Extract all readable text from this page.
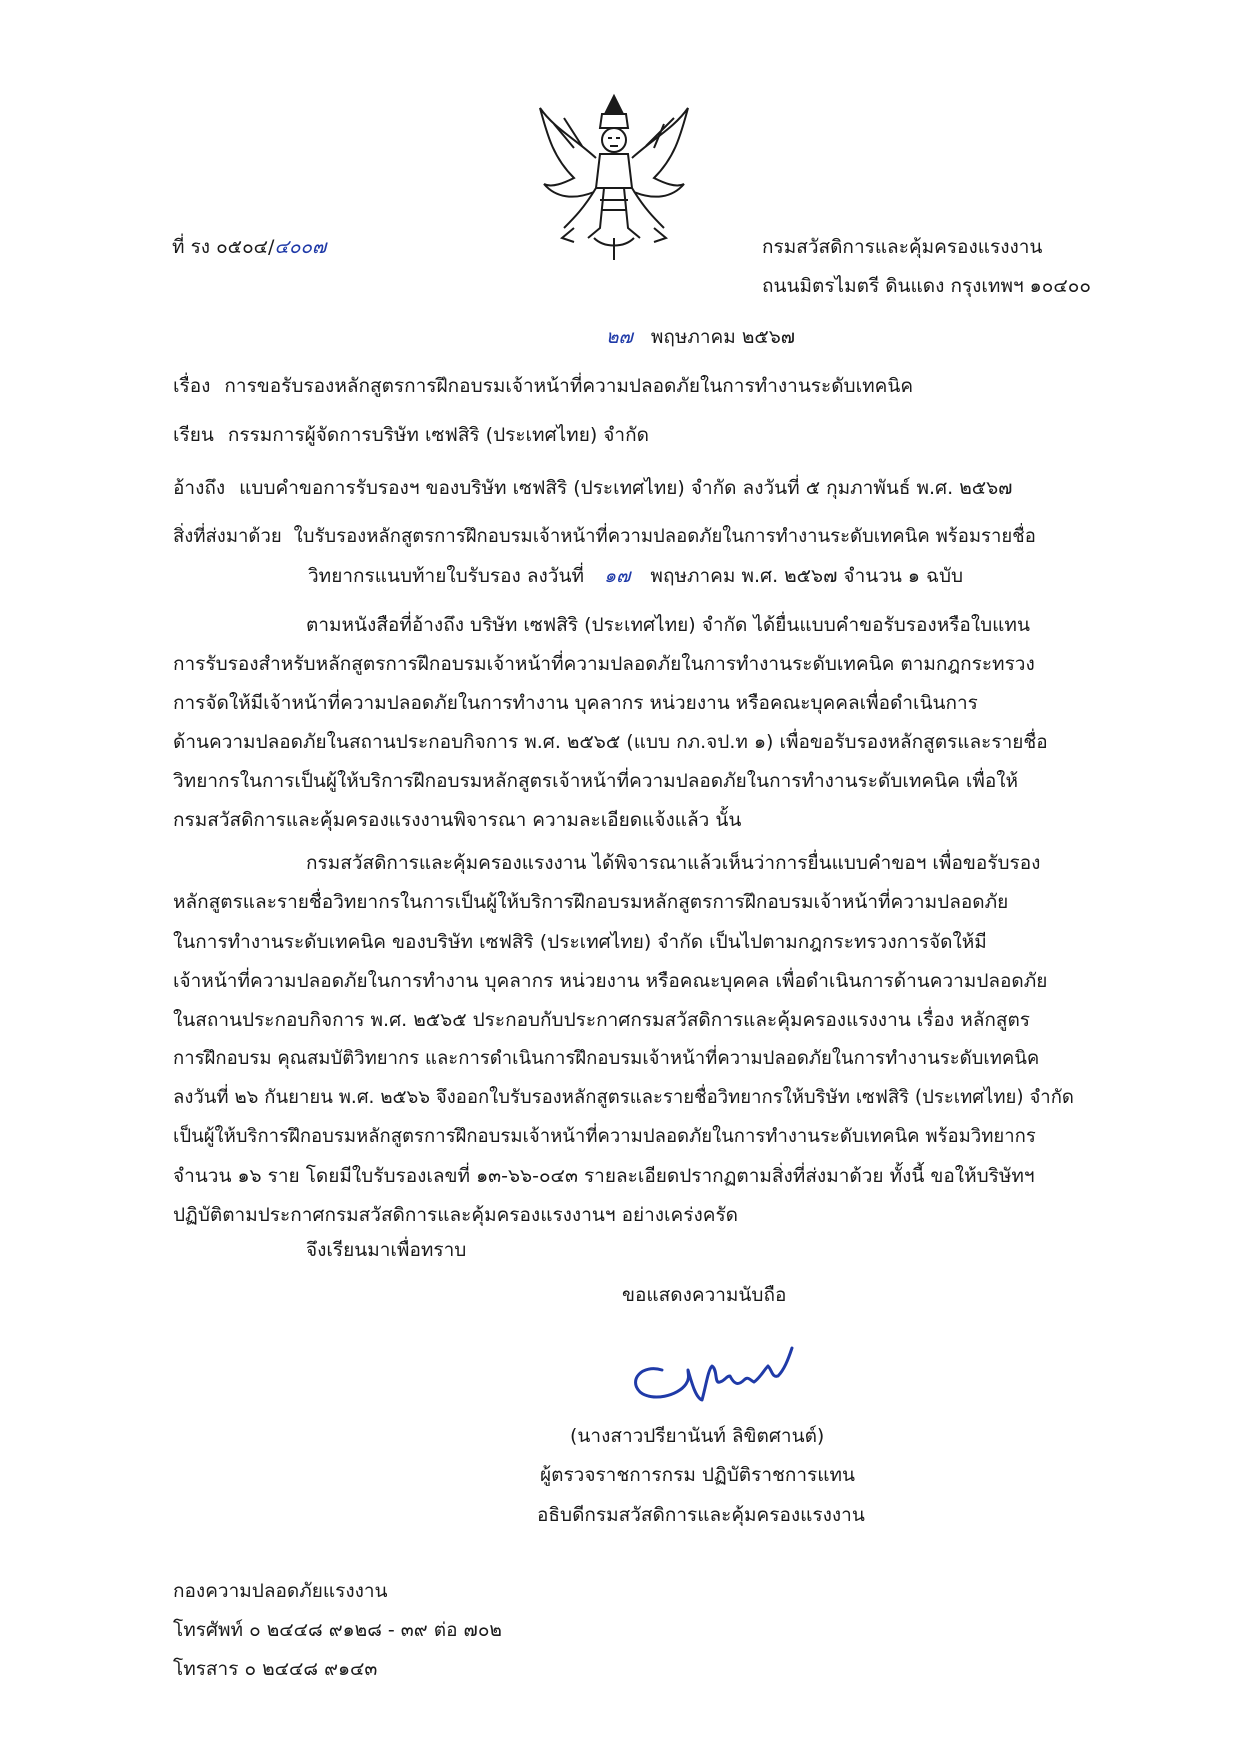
ที่ รง ๐๕๐๔/๔๐๐๗	กรมสวัสดิการและคุ้มครองแรงงาน
ถนนมิตรไมตรี ดินแดง กรุงเทพฯ ๑๐๔๐๐
๒๗ พฤษภาคม ๒๕๖๗
เรื่อง การขอรับรองหลักสูตรการฝึกอบรมเจ้าหน้าที่ความปลอดภัยในการทำงานระดับเทคนิค
เรียน กรรมการผู้จัดการบริษัท เซฟสิริ (ประเทศไทย) จำกัด
อ้างถึง แบบคำขอการรับรองฯ ของบริษัท เซฟสิริ (ประเทศไทย) จำกัด ลงวันที่ ๕ กุมภาพันธ์ พ.ศ. ๒๕๖๗
สิ่งที่ส่งมาด้วย ใบรับรองหลักสูตรการฝึกอบรมเจ้าหน้าที่ความปลอดภัยในการทำงานระดับเทคนิค พร้อมรายชื่อ
วิทยากรแนบท้ายใบรับรอง ลงวันที่ ๑๗ พฤษภาคม พ.ศ. ๒๕๖๗ จำนวน ๑ ฉบับ
ตามหนังสือที่อ้างถึง บริษัท เซฟสิริ (ประเทศไทย) จำกัด ได้ยื่นแบบคำขอรับรองหรือใบแทน
การรับรองสำหรับหลักสูตรการฝึกอบรมเจ้าหน้าที่ความปลอดภัยในการทำงานระดับเทคนิค ตามกฎกระทรวง
การจัดให้มีเจ้าหน้าที่ความปลอดภัยในการทำงาน บุคลากร หน่วยงาน หรือคณะบุคคลเพื่อดำเนินการ
ด้านความปลอดภัยในสถานประกอบกิจการ พ.ศ. ๒๕๖๕ (แบบ กภ.จป.ท ๑) เพื่อขอรับรองหลักสูตรและรายชื่อ
วิทยากรในการเป็นผู้ให้บริการฝึกอบรมหลักสูตรเจ้าหน้าที่ความปลอดภัยในการทำงานระดับเทคนิค เพื่อให้
กรมสวัสดิการและคุ้มครองแรงงานพิจารณา ความละเอียดแจ้งแล้ว นั้น
กรมสวัสดิการและคุ้มครองแรงงาน ได้พิจารณาแล้วเห็นว่าการยื่นแบบคำขอฯ เพื่อขอรับรอง
หลักสูตรและรายชื่อวิทยากรในการเป็นผู้ให้บริการฝึกอบรมหลักสูตรการฝึกอบรมเจ้าหน้าที่ความปลอดภัย
ในการทำงานระดับเทคนิค ของบริษัท เซฟสิริ (ประเทศไทย) จำกัด เป็นไปตามกฎกระทรวงการจัดให้มี
เจ้าหน้าที่ความปลอดภัยในการทำงาน บุคลากร หน่วยงาน หรือคณะบุคคล เพื่อดำเนินการด้านความปลอดภัย
ในสถานประกอบกิจการ พ.ศ. ๒๕๖๕ ประกอบกับประกาศกรมสวัสดิการและคุ้มครองแรงงาน เรื่อง หลักสูตร
การฝึกอบรม คุณสมบัติวิทยากร และการดำเนินการฝึกอบรมเจ้าหน้าที่ความปลอดภัยในการทำงานระดับเทคนิค
ลงวันที่ ๒๖ กันยายน พ.ศ. ๒๕๖๖ จึงออกใบรับรองหลักสูตรและรายชื่อวิทยากรให้บริษัท เซฟสิริ (ประเทศไทย) จำกัด
เป็นผู้ให้บริการฝึกอบรมหลักสูตรการฝึกอบรมเจ้าหน้าที่ความปลอดภัยในการทำงานระดับเทคนิค พร้อมวิทยากร
จำนวน ๑๖ ราย โดยมีใบรับรองเลขที่ ๑๓-๖๖-๐๔๓ รายละเอียดปรากฏตามสิ่งที่ส่งมาด้วย ทั้งนี้ ขอให้บริษัทฯ
ปฏิบัติตามประกาศกรมสวัสดิการและคุ้มครองแรงงานฯ อย่างเคร่งครัด
จึงเรียนมาเพื่อทราบ
ขอแสดงความนับถือ
(นางสาวปรียานันท์ ลิขิตศานต์)
ผู้ตรวจราชการกรม ปฏิบัติราชการแทน
อธิบดีกรมสวัสดิการและคุ้มครองแรงงาน
กองความปลอดภัยแรงงาน
โทรศัพท์ ๐ ๒๔๔๘ ๙๑๒๘ - ๓๙ ต่อ ๗๐๒
โทรสาร ๐ ๒๔๔๘ ๙๑๔๓
